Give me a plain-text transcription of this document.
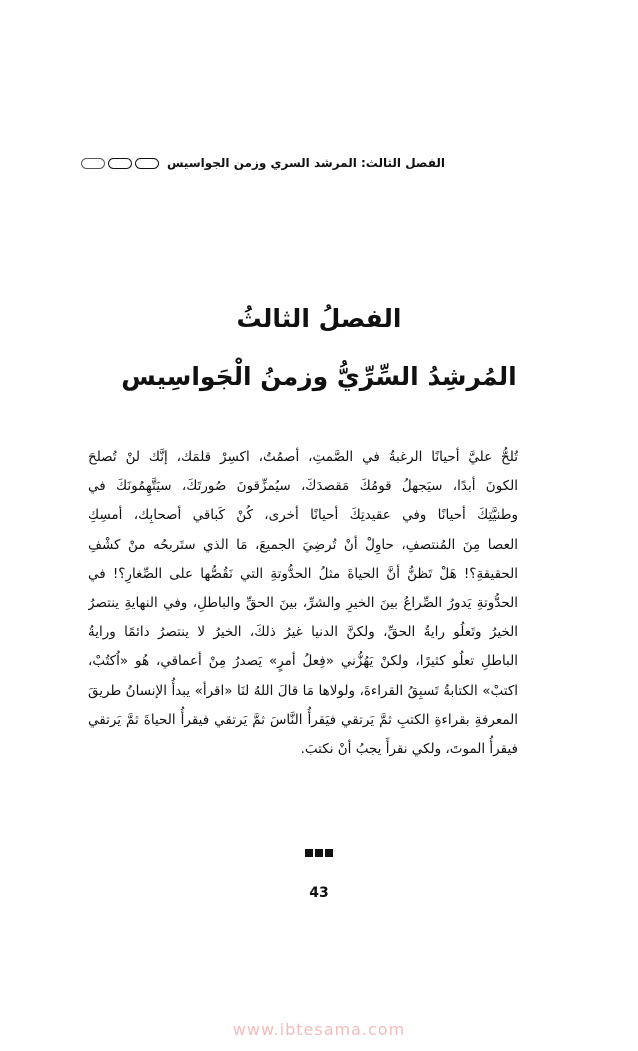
الفصل الثالث: المرشد السري وزمن الجواسيس
الفصلُ الثالثُ
المُرشِدُ السِّرِّيُّ وزمنُ الْجَواسِيس
تُلحُّ عليَّ أحيانًا الرغبةُ في الصَّمتِ، أصمُتُ، اكسِرْ قلمَك، إنَّك لنْ تُصلحَ
الكونَ أبدًا، سيَجهلُ قومُكَ مَقصدَكَ، سيُمزِّقونَ صُورتَكَ، سيَتَّهِمُونَكَ في
وطنيَّتِكَ أحيانًا وفي عقيدتِكَ أحيانًا أخرى، كُنْ كَباقي أصحابِك، أمسِكِ
العصا مِنَ المُنتصفِ، حاوِلْ أنْ تُرضِيَ الجميعَ، مَا الذي ستَربحُه منْ كشْفِ
الحقيقةِ؟! هَلْ تَظنُّ أنَّ الحياةَ مثلُ الحدُّوتةِ التي نَقُصُّها على الصِّغارِ؟! في
الحدُّوتةِ يَدورُ الصِّراعُ بينَ الخيرِ والشرِّ، بينَ الحقِّ والباطلِ، وفي النهايةِ ينتصرُ
الخيرُ وتَعلُو رايةُ الحقِّ، ولكنَّ الدنيا غيرُ ذلكَ، الخيرُ لا ينتصرُ دائمًا ورايةُ
الباطلِ تعلُو كثيرًا، ولكنْ يَهُزُّني «فِعلُ أمرٍ» يَصدرُ مِنْ أعماقي، هُو «اُكتُبْ،
اكتبْ» الكتابةُ تَسبِقُ القراءةَ، ولولاها مَا قالَ اللهُ لنَا «اقرأ» يبدأُ الإنسانُ طريقَ
المعرفةِ بقراءةِ الكتبِ ثمَّ يَرتقي فيَقرأُ النَّاسَ ثمَّ يَرتقي فيقرأُ الحياةَ ثمَّ يَرتقي
فيقرأُ الموتَ، ولكي نقرأَ يجبُ أنْ نكتبَ.
43
www.ibtesama.com
